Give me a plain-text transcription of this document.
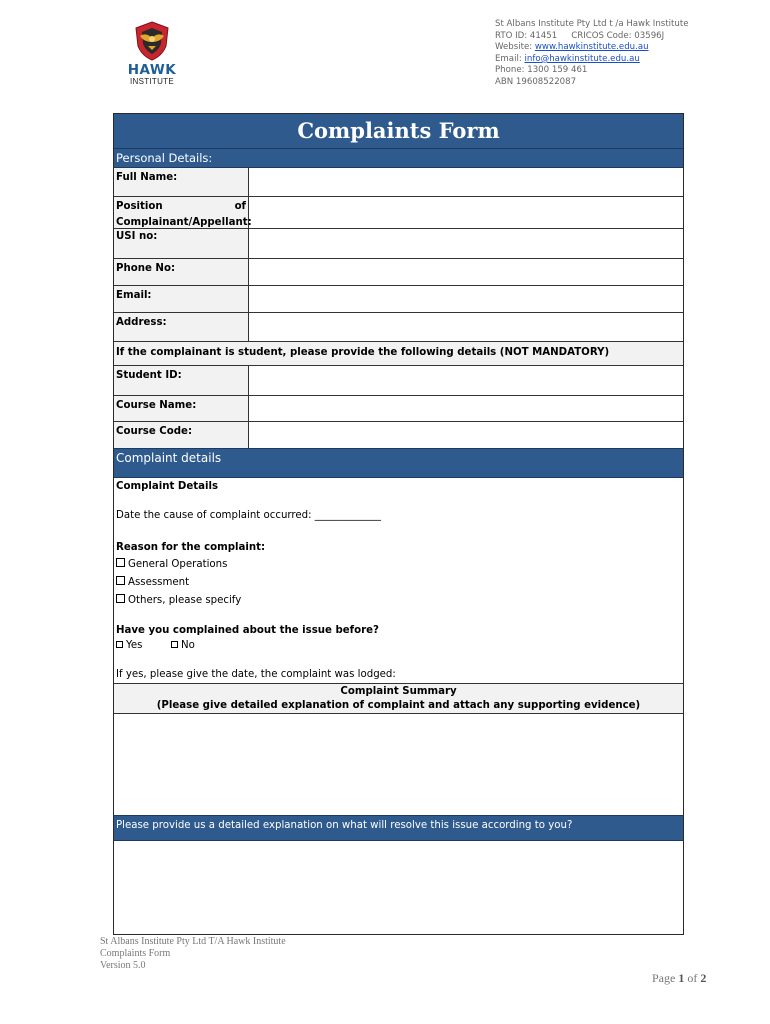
HAWK
INSTITUTE
St Albans Institute Pty Ltd t /a Hawk Institute
RTO ID: 41451 CRICOS Code: 03596J
Website: www.hawkinstitute.edu.au
Email: info@hawkinstitute.edu.au
Phone: 1300 159 461
ABN 19608522087
Complaints Form
Personal Details:
Full Name:
Position	of
Complainant/Appellant:
USI no:
Phone No:
Email:
Address:
If the complainant is student, please provide the following details (NOT MANDATORY)
Student ID:
Course Name:
Course Code:
Complaint details
Complaint Details
Date the cause of complaint occurred: _____________
Reason for the complaint:
General Operations
Assessment
Others, please specify
Have you complained about the issue before?
Yes	No
If yes, please give the date, the complaint was lodged:
Complaint Summary
(Please give detailed explanation of complaint and attach any supporting evidence)
Please provide us a detailed explanation on what will resolve this issue according to you?
St Albans Institute Pty Ltd T/A Hawk Institute
Complaints Form
Version 5.0
Page 1 of 2
